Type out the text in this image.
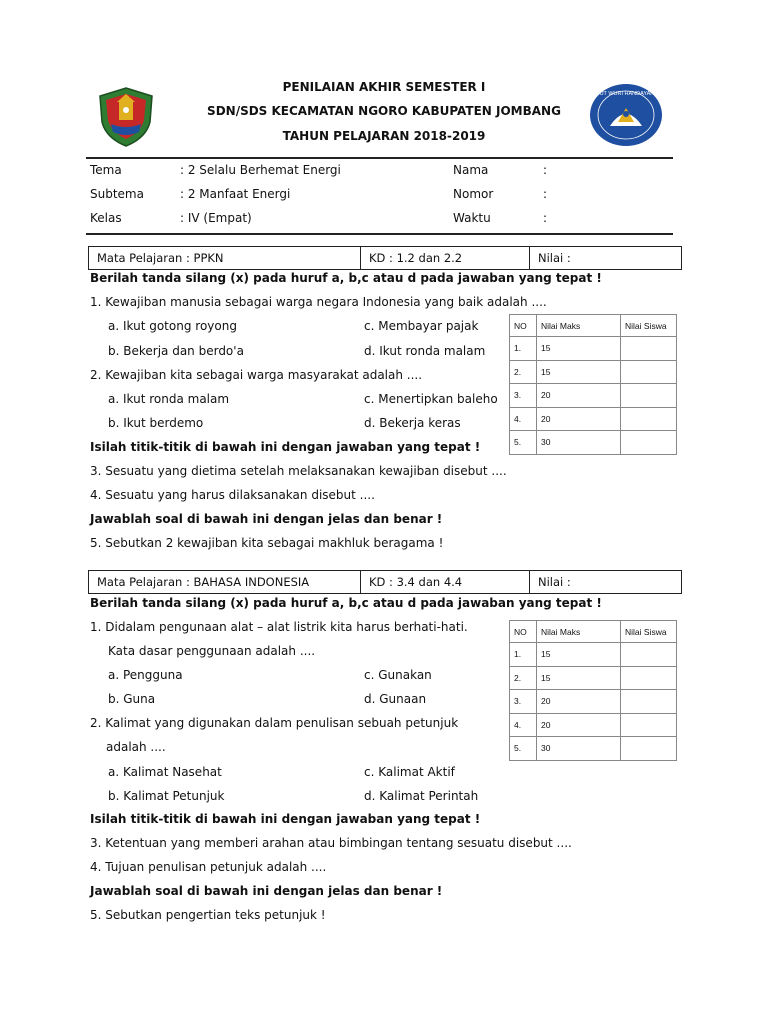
TUT WURI HANDAYANI
PENILAIAN AKHIR SEMESTER I
SDN/SDS KECAMATAN NGORO KABUPATEN JOMBANG
TAHUN PELAJARAN 2018-2019
Tema	: 2 Selalu Berhemat Energi
Subtema	: 2 Manfaat Energi
Kelas	: IV (Empat)
Nama	:
Nomor	:
Waktu	:
Mata Pelajaran : PPKN	KD : 1.2 dan 2.2	Nilai :
Berilah tanda silang (x) pada huruf a, b,c atau d pada jawaban yang tepat !
1. Kewajiban manusia sebagai warga negara Indonesia yang baik adalah ....
a. Ikut gotong royong	c. Membayar pajak
b. Bekerja dan berdo'a	d. Ikut ronda malam
2. Kewajiban kita sebagai warga masyarakat adalah ....
a. Ikut ronda malam	c. Menertipkan baleho
b. Ikut berdemo	d. Bekerja keras
Isilah titik-titik di bawah ini dengan jawaban yang tepat !
3. Sesuatu yang dietima setelah melaksanakan kewajiban disebut ....
4. Sesuatu yang harus dilaksanakan disebut ....
Jawablah soal di bawah ini dengan jelas dan benar !
5. Sebutkan 2 kewajiban kita sebagai makhluk beragama !
NO	Nilai Maks	Nilai Siswa
1.	15	
2.	15	
3.	20	
4.	20	
5.	30	
Mata Pelajaran : BAHASA INDONESIA	KD : 3.4 dan 4.4	Nilai :
Berilah tanda silang (x) pada huruf a, b,c atau d pada jawaban yang tepat !
1. Didalam pengunaan alat – alat listrik kita harus berhati-hati.
Kata dasar penggunaan adalah ....
a. Pengguna	c. Gunakan
b. Guna	d. Gunaan
2. Kalimat yang digunakan dalam penulisan sebuah petunjuk
adalah ....
a. Kalimat Nasehat	c. Kalimat Aktif
b. Kalimat Petunjuk	d. Kalimat Perintah
Isilah titik-titik di bawah ini dengan jawaban yang tepat !
3. Ketentuan yang memberi arahan atau bimbingan tentang sesuatu disebut ....
4. Tujuan penulisan petunjuk adalah ....
Jawablah soal di bawah ini dengan jelas dan benar !
5. Sebutkan pengertian teks petunjuk !
NO	Nilai Maks	Nilai Siswa
1.	15	
2.	15	
3.	20	
4.	20	
5.	30	
